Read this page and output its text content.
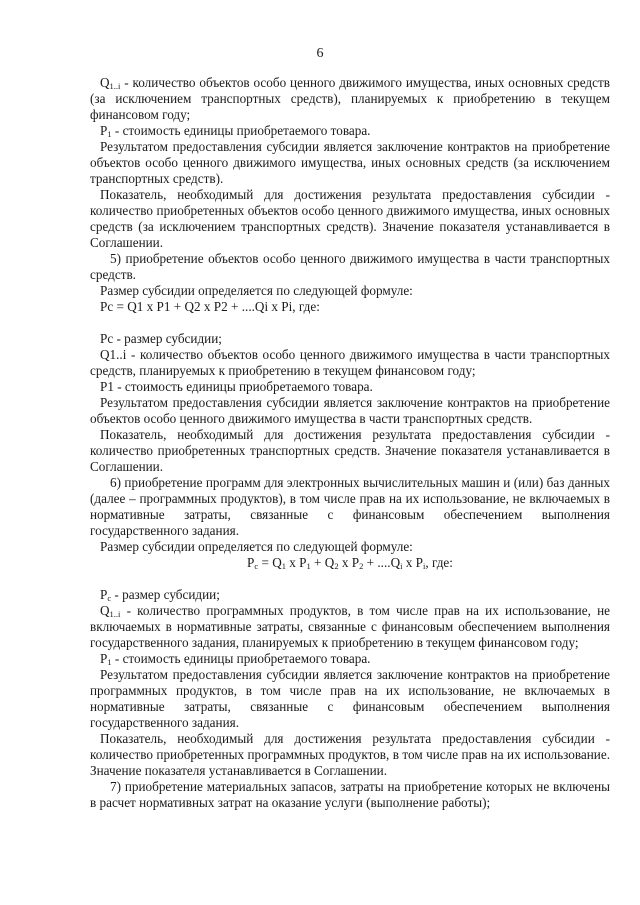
6

$Q_{1..i}$ - количество объектов особо ценного движимого имущества, иных основных средств (за исключением транспортных средств), планируемых к приобретению в текущем финансовом году;

$P_1$ - стоимость единицы приобретаемого товара.

Результатом предоставления субсидии является заключение контрактов на приобретение объектов особо ценного движимого имущества, иных основных средств (за исключением транспортных средств).

Показатель, необходимый для достижения результата предоставления субсидии - количество приобретенных объектов особо ценного движимого имущества, иных основных средств (за исключением транспортных средств). Значение показателя устанавливается в Соглашении.

5) приобретение объектов особо ценного движимого имущества в части транспортных средств.

Размер субсидии определяется по следующей формуле:

Pc = Q1 x P1 + Q2 x P2 + ....Qi x Pi, где:

Pc - размер субсидии;

Q1..i - количество объектов особо ценного движимого имущества в части транспортных средств, планируемых к приобретению в текущем финансовом году;

P1 - стоимость единицы приобретаемого товара.

Результатом предоставления субсидии является заключение контрактов на приобретение объектов особо ценного движимого имущества в части транспортных средств.

Показатель, необходимый для достижения результата предоставления субсидии - количество приобретенных транспортных средств. Значение показателя устанавливается в Соглашении.

6) приобретение программ для электронных вычислительных машин и (или) баз данных (далее – программных продуктов), в том числе прав на их использование, не включаемых в нормативные затраты, связанные с финансовым обеспечением выполнения государственного задания.

Размер субсидии определяется по следующей формуле:

$P_c = Q_1$ x $P_1 + Q_2$ x $P_2 + ....Q_i$ x $P_i$, где:

$P_c$ - размер субсидии;

$Q_{1..i}$ - количество программных продуктов, в том числе прав на их использование, не включаемых в нормативные затраты, связанные с финансовым обеспечением выполнения государственного задания, планируемых к приобретению в текущем финансовом году;

$P_1$ - стоимость единицы приобретаемого товара.

Результатом предоставления субсидии является заключение контрактов на приобретение программных продуктов, в том числе прав на их использование, не включаемых в нормативные затраты, связанные с финансовым обеспечением выполнения государственного задания.

Показатель, необходимый для достижения результата предоставления субсидии - количество приобретенных программных продуктов, в том числе прав на их использование. Значение показателя устанавливается в Соглашении.

7) приобретение материальных запасов, затраты на приобретение которых не включены в расчет нормативных затрат на оказание услуги (выполнение работы);
